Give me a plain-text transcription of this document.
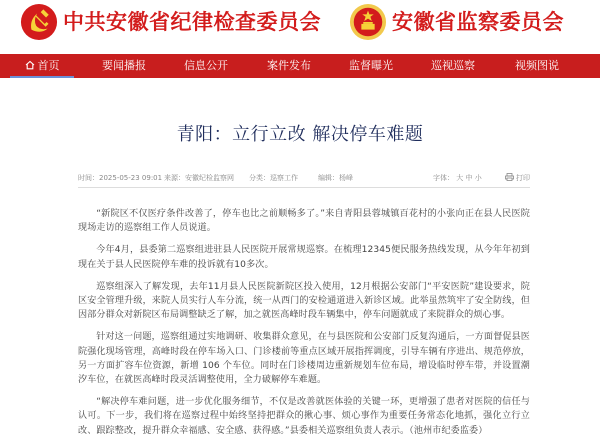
中共安徽省纪律检查委员会	安徽省监察委员会
首页	要闻播报	信息公开	案件发布	监督曝光	巡视巡察	视频图说
青阳：立行立改 解决停车难题
时间：2025-05-23 09:01 来源：安徽纪检监察网 分类：巡察工作	编辑：杨峰	字体： 大 中 小	打印

“新院区不仅医疗条件改善了，停车也比之前顺畅多了。”来自青阳县蓉城镇百花村的小张向正在县人民医院现场走访的巡察组工作人员说道。

今年4月，县委第二巡察组进驻县人民医院开展常规巡察。在梳理12345便民服务热线发现，从今年年初到现在关于县人民医院停车难的投诉就有10多次。

巡察组深入了解发现，去年11月县人民医院新院区投入使用，12月根据公安部门“平安医院”建设要求，院区安全管理升级，来院人员实行人车分流，统一从西门的安检通道进入新诊区域。此举虽然筑牢了安全防线，但因部分群众对新院区布局调整缺乏了解，加之就医高峰时段车辆集中，停车问题就成了来院群众的烦心事。

针对这一问题，巡察组通过实地调研、收集群众意见，在与县医院和公安部门反复沟通后，一方面督促县医院强化现场管理，高峰时段在停车场入口、门诊楼前等重点区域开展指挥调度，引导车辆有序进出、规范停放，另一方面扩容车位资源，新增 106 个车位。同时在门诊楼周边重新规划车位布局，增设临时停车带，并设置潮汐车位，在就医高峰时段灵活调整使用，全力破解停车难题。

“解决停车难问题，进一步优化服务细节，不仅是改善就医体验的关键一环，更增强了患者对医院的信任与认可。下一步，我们将在巡察过程中始终坚持把群众的揪心事、烦心事作为重要任务常态化地抓，强化立行立改、跟踪整改，提升群众幸福感、安全感、获得感。”县委相关巡察组负责人表示。（池州市纪委监委）
